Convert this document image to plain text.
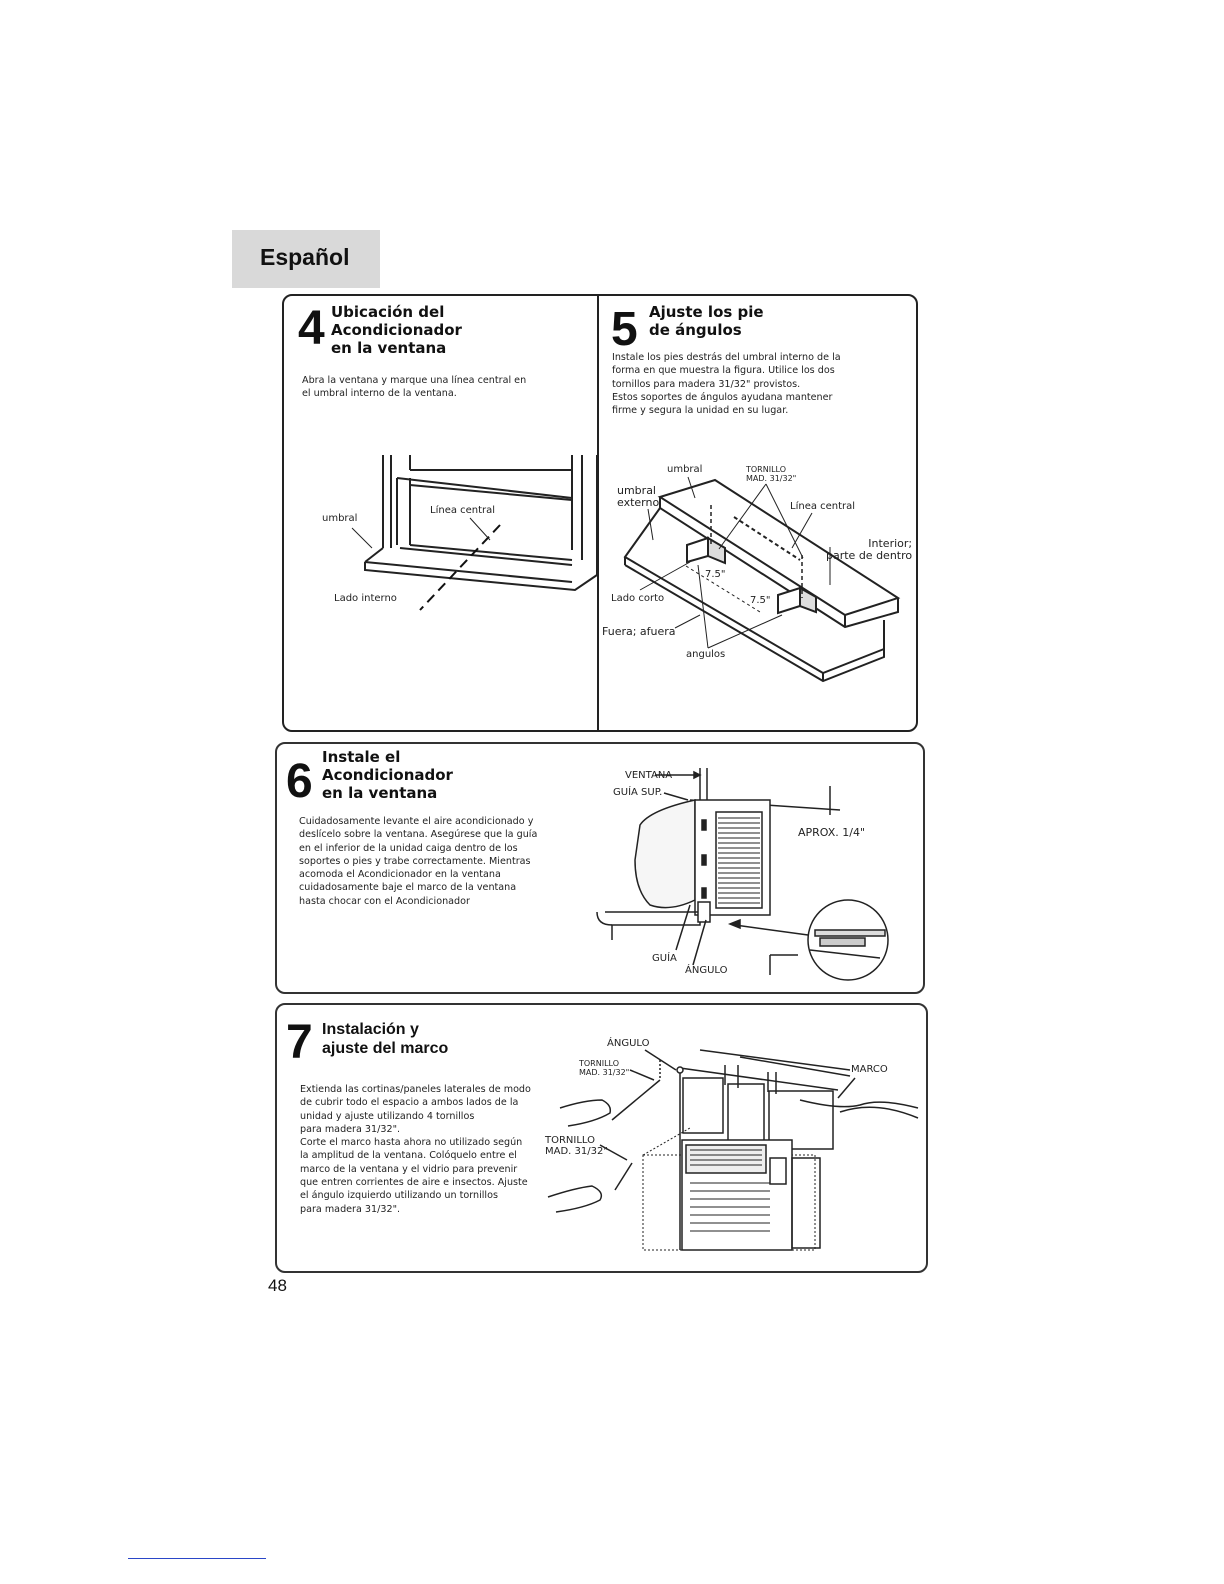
Español
4 Ubicación del
Acondicionador
en la ventana
Abra la ventana y marque una línea central en
el umbral interno de la ventana.
umbral
Línea central
Lado interno
5 Ajuste los pie
de ángulos
Instale los pies destrás del umbral interno de la
forma en que muestra la figura. Utilice los dos
tornillos para madera 31/32" provistos.
Estos soportes de ángulos ayudana mantener
firme y segura la unidad en su lugar.
umbral	TORNILLO
MAD. 31/32"
umbral
externo	Línea central
Interior;
parte de dentro
7.5"
7.5"
Lado corto
Fuera; afuera
angulos
6 Instale el
Acondicionador
en la ventana
Cuidadosamente levante el aire acondicionado y
deslícelo sobre la ventana. Asegúrese que la guía
en el inferior de la unidad caiga dentro de los
soportes o pies y trabe correctamente. Mientras
acomoda el Acondicionador en la ventana
cuidadosamente baje el marco de la ventana
hasta chocar con el Acondicionador
VENTANA
GUÍA SUP.
APROX. 1/4"
GUÍA
ÁNGULO
7 Instalación y
ajuste del marco
Extienda las cortinas/paneles laterales de modo
de cubrir todo el espacio a ambos lados de la
unidad y ajuste utilizando 4 tornillos
para madera 31/32".
Corte el marco hasta ahora no utilizado según
la amplitud de la ventana. Colóquelo entre el
marco de la ventana y el vidrio para prevenir
que entren corrientes de aire e insectos. Ajuste
el ángulo izquierdo utilizando un tornillos
para madera 31/32".
ÁNGULO
TORNILLO
MAD. 31/32"	MARCO
TORNILLO
MAD. 31/32"
48
